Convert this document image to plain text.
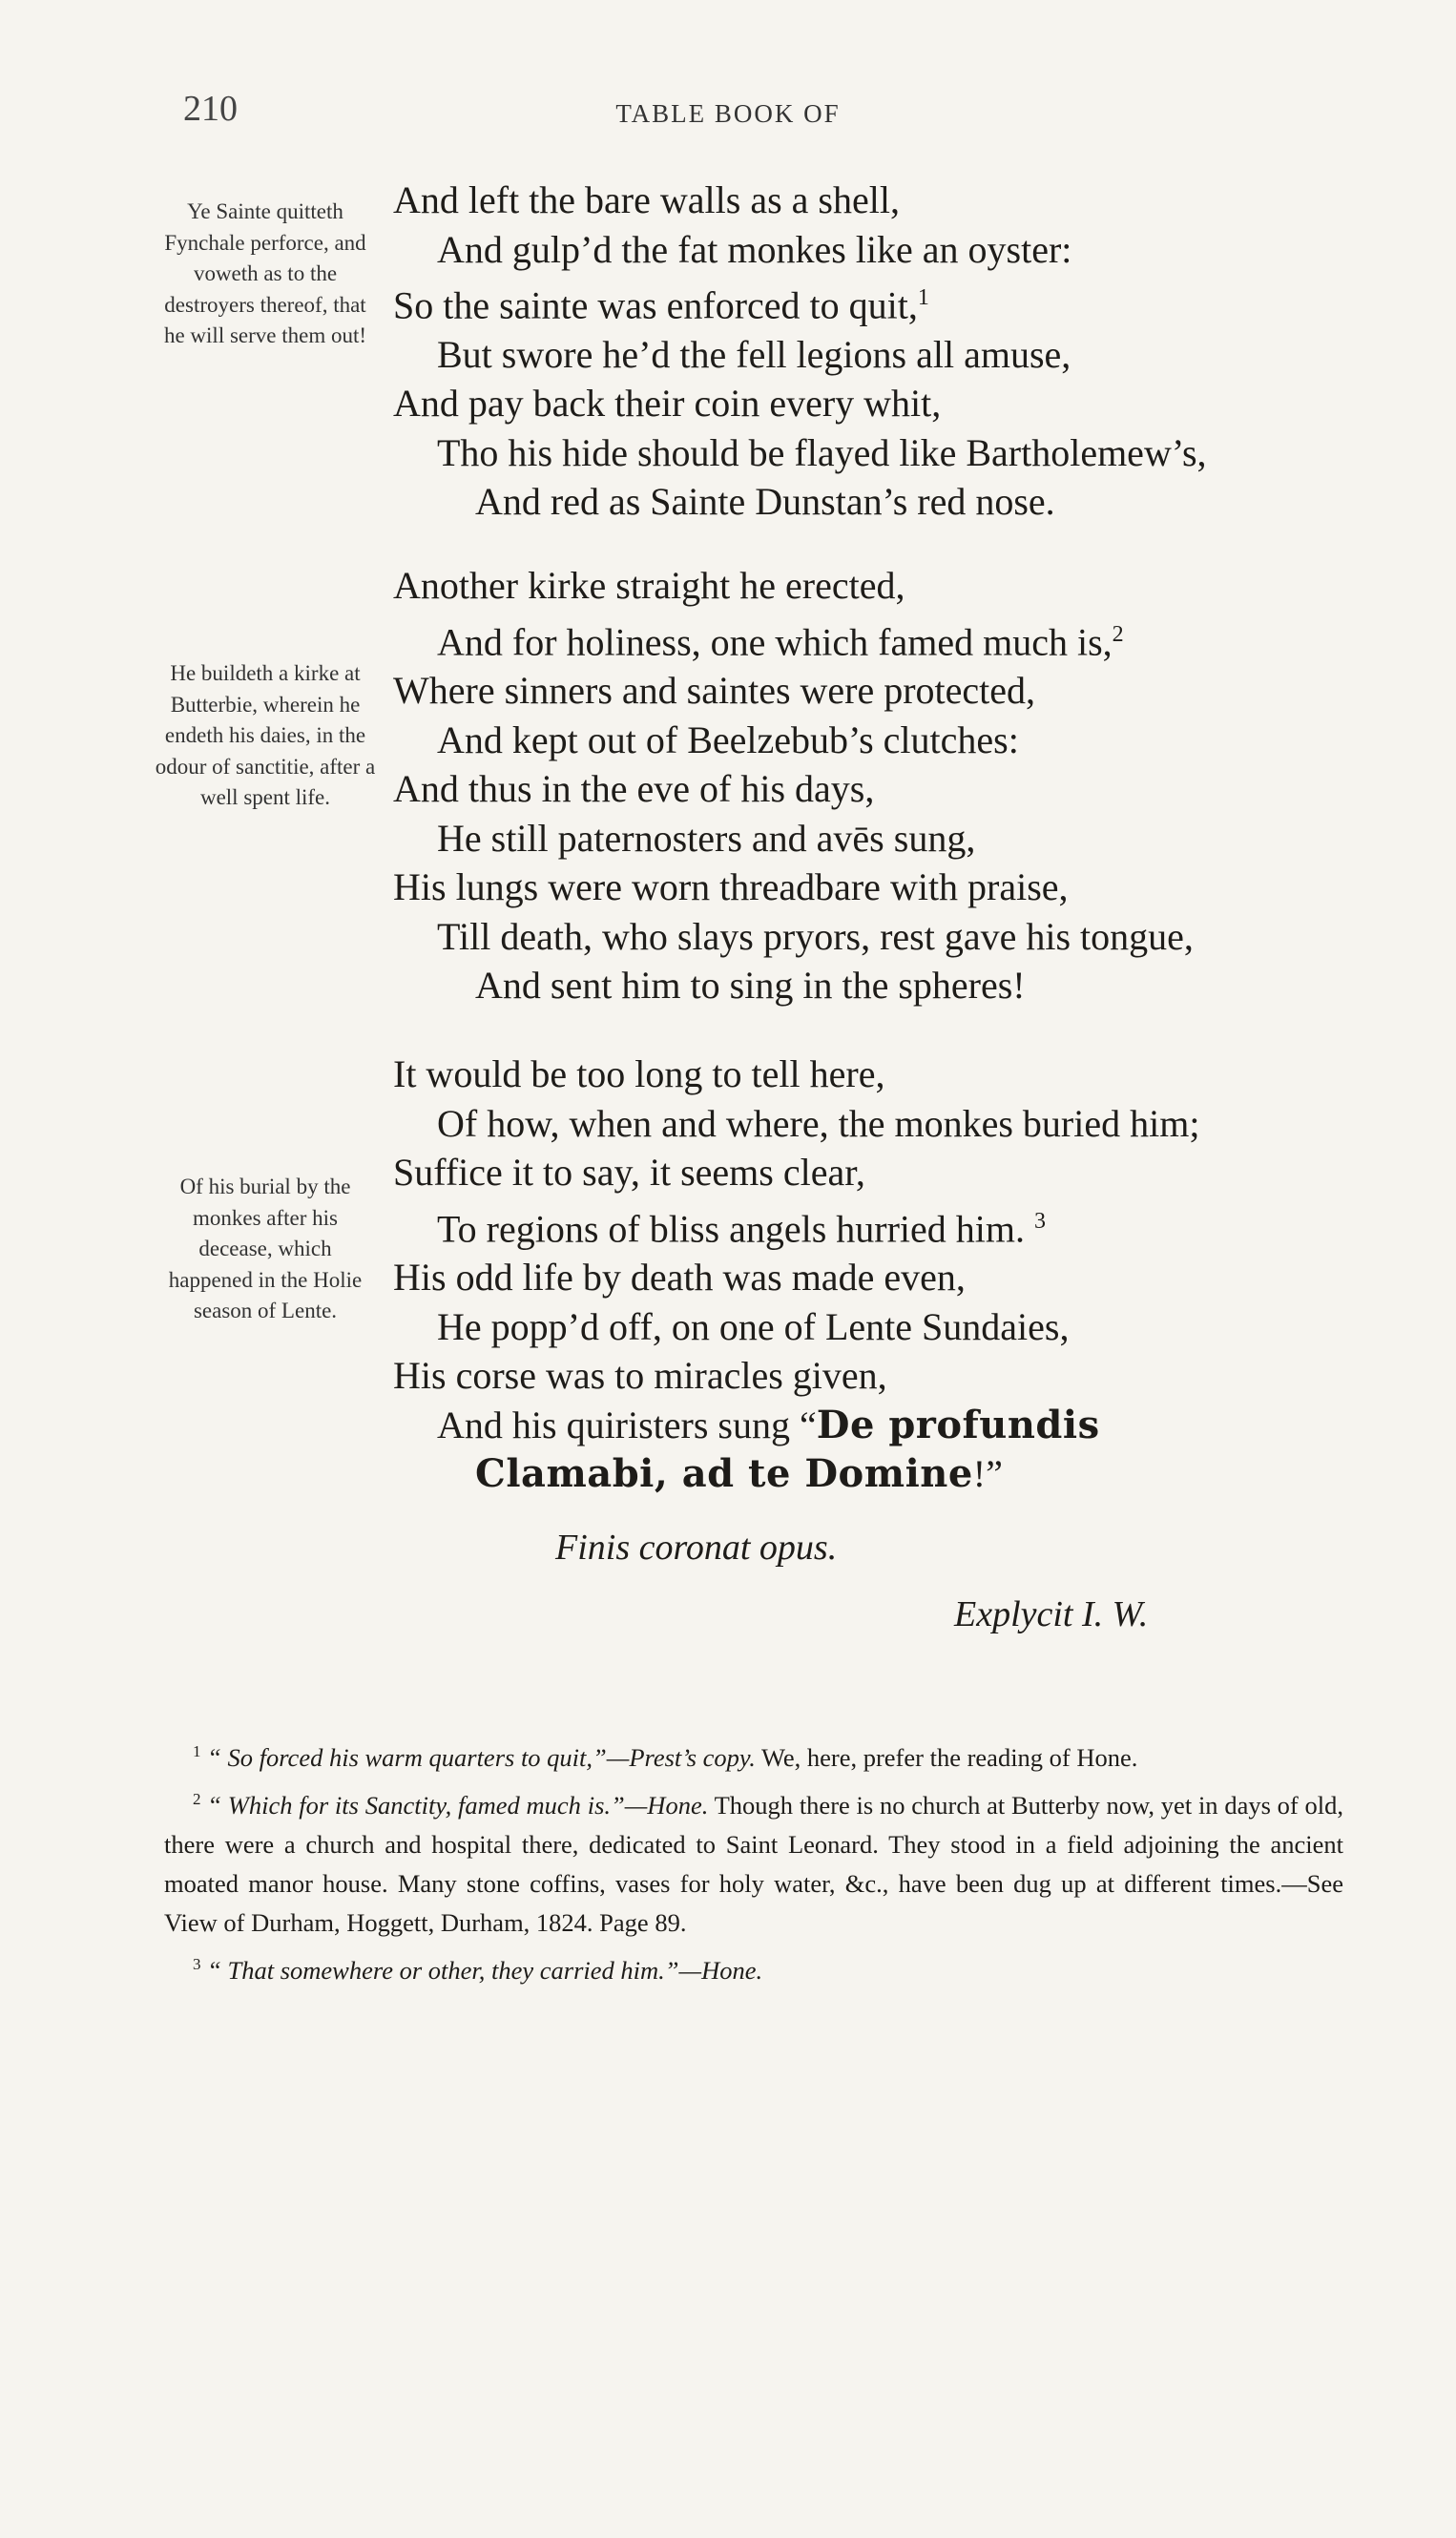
210	TABLE BOOK OF
Ye Sainte quitteth Fynchale perforce, and voweth as to the destroyers thereof, that he will serve them out!
And left the bare walls as a shell,
And gulp’d the fat monkes like an oyster:
So the sainte was enforced to quit,$^1$
But swore he’d the fell legions all amuse,
And pay back their coin every whit,
Tho his hide should be flayed like Bartholemew’s,
And red as Sainte Dunstan’s red nose.
He buildeth a kirke at Butterbie, wherein he endeth his daies, in the odour of sanctitie, after a well spent life.
Another kirke straight he erected,
And for holiness, one which famed much is,$^2$
Where sinners and saintes were protected,
And kept out of Beelzebub’s clutches:
And thus in the eve of his days,
He still paternosters and avēs sung,
His lungs were worn threadbare with praise,
Till death, who slays pryors, rest gave his tongue,
And sent him to sing in the spheres!
Of his burial by the monkes after his decease, which happened in the Holie season of Lente.
It would be too long to tell here,
Of how, when and where, the monkes buried him;
Suffice it to say, it seems clear,
To regions of bliss angels hurried him. $^3$
His odd life by death was made even,
He popp’d off, on one of Lente Sundaies,
His corse was to miracles given,
And his quiristers sung “De profundis
Clamabi, ad te Domine!”
Finis coronat opus.
Explycit I. W.

$^1$ “ So forced his warm quarters to quit,”—Prest’s copy. We, here, prefer the reading of Hone.

$^2$ “ Which for its Sanctity, famed much is.”—Hone. Though there is no church at Butterby now, yet in days of old, there were a church and hospital there, dedicated to Saint Leonard. They stood in a field adjoining the ancient moated manor house. Many stone coffins, vases for holy water, &c., have been dug up at different times.—See View of Durham, Hoggett, Durham, 1824. Page 89.

$^3$ “ That somewhere or other, they carried him.”—Hone.
